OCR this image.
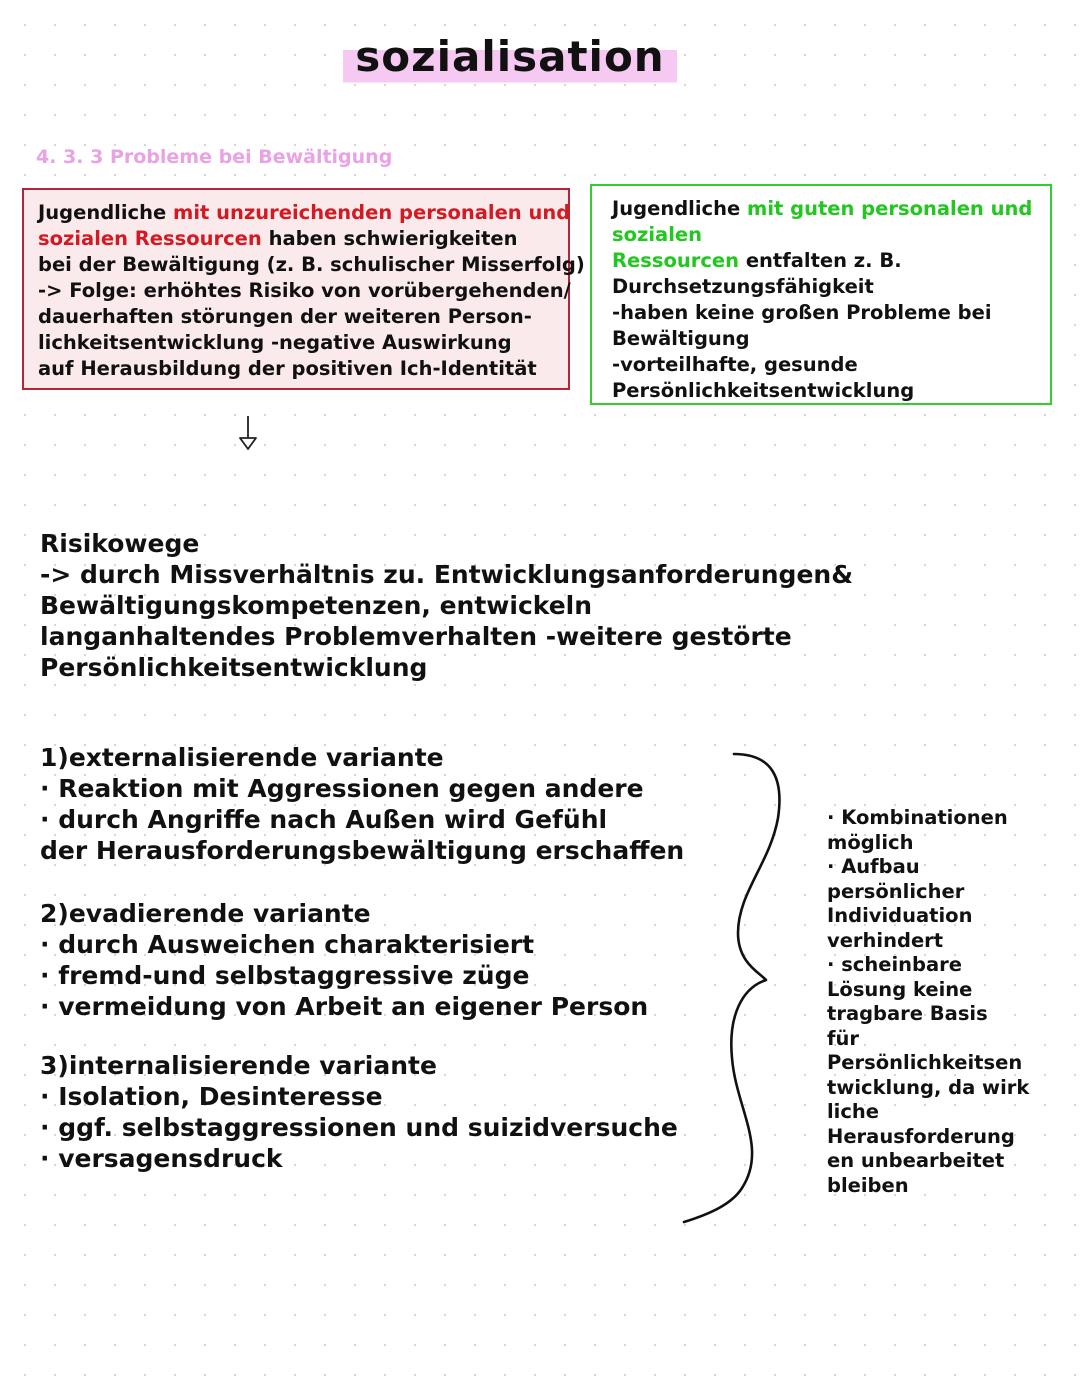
sozialisation
4. 3. 3 Probleme bei Bewältigung
Jugendliche mit unzureichenden personalen und
sozialen Ressourcen haben schwierigkeiten
bei der Bewältigung (z. B. schulischer Misserfolg)
-> Folge: erhöhtes Risiko von vorübergehenden/
dauerhaften störungen der weiteren Person-
lichkeitsentwicklung -negative Auswirkung
auf Herausbildung der positiven Ich-Identität
Jugendliche mit guten personalen und
sozialen
Ressourcen entfalten z. B.
Durchsetzungsfähigkeit
-haben keine großen Probleme bei
Bewältigung
-vorteilhafte, gesunde
Persönlichkeitsentwicklung
Risikowege
-> durch Missverhältnis zu. Entwicklungsanforderungen&
Bewältigungskompetenzen, entwickeln
langanhaltendes Problemverhalten -weitere gestörte
Persönlichkeitsentwicklung
1)externalisierende variante
· Reaktion mit Aggressionen gegen andere
· durch Angriffe nach Außen wird Gefühl
der Herausforderungsbewältigung erschaffen
2)evadierende variante
· durch Ausweichen charakterisiert
· fremd-und selbstaggressive züge
· vermeidung von Arbeit an eigener Person
3)internalisierende variante
· Isolation, Desinteresse
· ggf. selbstaggressionen und suizidversuche
· versagensdruck
· Kombinationen
möglich
· Aufbau
persönlicher
Individuation
verhindert
· scheinbare
Lösung keine
tragbare Basis
für
Persönlichkeitsen
twicklung, da wirk
liche
Herausforderung
en unbearbeitet
bleiben
